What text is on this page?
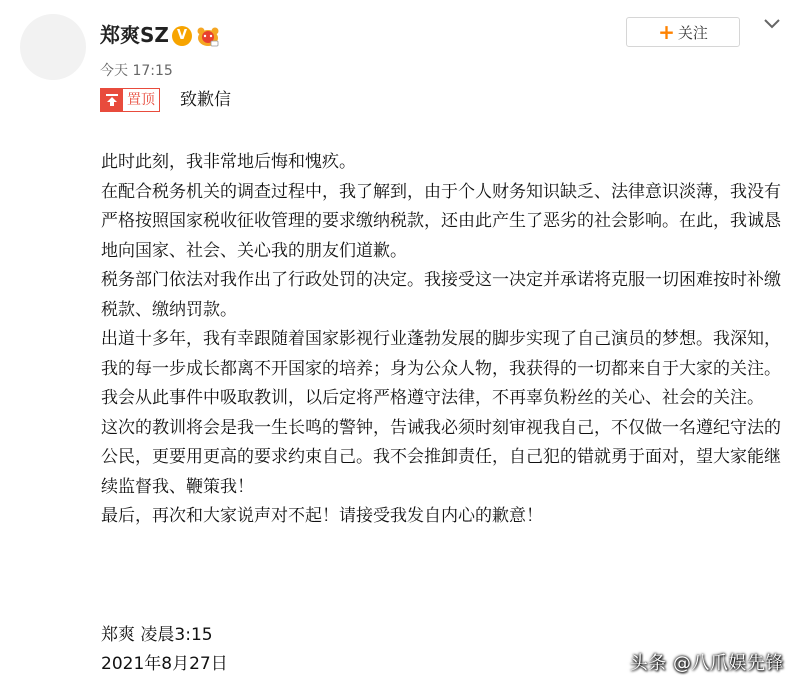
郑爽SZ V
今天 17:15
+ 关注
置顶 致歉信

此时此刻，我非常地后悔和愧疚。

在配合税务机关的调查过程中，我了解到，由于个人财务知识缺乏、法律意识淡薄，我没有严格按照国家税收征收管理的要求缴纳税款，还由此产生了恶劣的社会影响。在此，我诚恳地向国家、社会、关心我的朋友们道歉。

税务部门依法对我作出了行政处罚的决定。我接受这一决定并承诺将克服一切困难按时补缴税款、缴纳罚款。

出道十多年，我有幸跟随着国家影视行业蓬勃发展的脚步实现了自己演员的梦想。我深知，我的每一步成长都离不开国家的培养；身为公众人物，我获得的一切都来自于大家的关注。我会从此事件中吸取教训，以后定将严格遵守法律，不再辜负粉丝的关心、社会的关注。

这次的教训将会是我一生长鸣的警钟，告诫我必须时刻审视我自己，不仅做一名遵纪守法的公民，更要用更高的要求约束自己。我不会推卸责任，自己犯的错就勇于面对，望大家能继续监督我、鞭策我！

最后，再次和大家说声对不起！请接受我发自内心的歉意！

郑爽 凌晨3:15
2021年8月27日	头条 @八爪娱先锋
